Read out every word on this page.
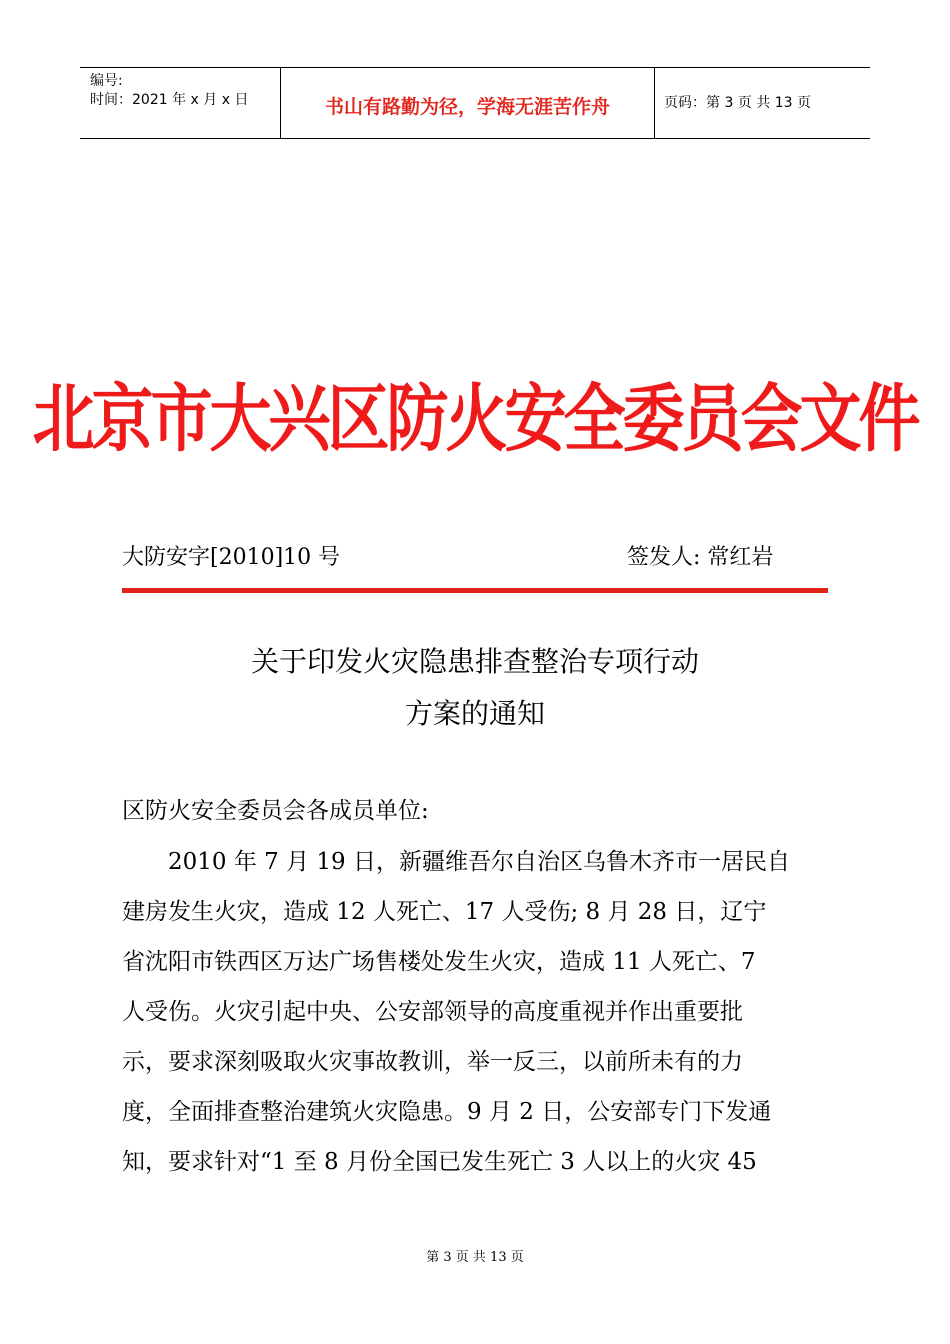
编号:
时间：2021 年 x 月 x 日	书山有路勤为径，学海无涯苦作舟	页码：第 3 页 共 13 页
北京市大兴区防火安全委员会文件
大防安字[2010]10 号	签发人: 常红岩
关于印发火灾隐患排查整治专项行动
方案的通知
区防火安全委员会各成员单位:
　　2010 年 7 月 19 日，新疆维吾尔自治区乌鲁木齐市一居民自
建房发生火灾，造成 12 人死亡、17 人受伤; 8 月 28 日，辽宁
省沈阳市铁西区万达广场售楼处发生火灾，造成 11 人死亡、7
人受伤。火灾引起中央、公安部领导的高度重视并作出重要批
示，要求深刻吸取火灾事故教训，举一反三，以前所未有的力
度，全面排查整治建筑火灾隐患。9 月 2 日，公安部专门下发通
知，要求针对“1 至 8 月份全国已发生死亡 3 人以上的火灾 45
第 3 页 共 13 页
